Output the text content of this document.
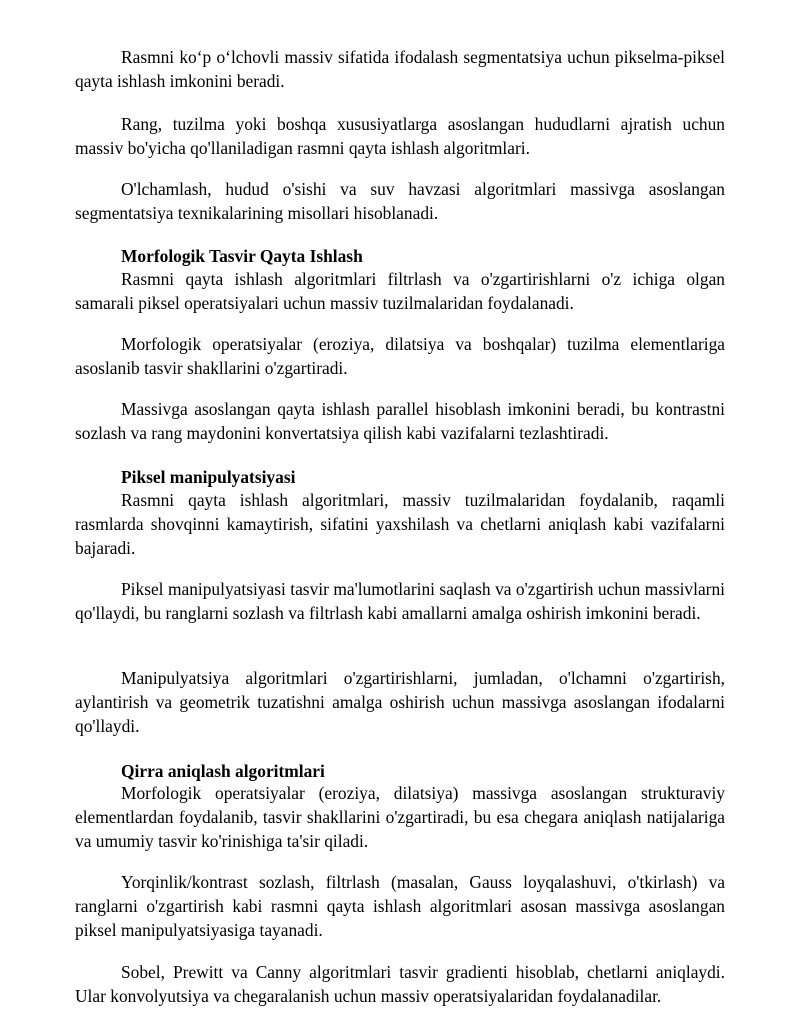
Rasmni koʻp oʻlchovli massiv sifatida ifodalash segmentatsiya uchun pikselma-piksel qayta ishlash imkonini beradi.

Rang, tuzilma yoki boshqa xususiyatlarga asoslangan hududlarni ajratish uchun massiv bo'yicha qo'llaniladigan rasmni qayta ishlash algoritmlari.

O'lchamlash, hudud o'sishi va suv havzasi algoritmlari massivga asoslangan segmentatsiya texnikalarining misollari hisoblanadi.

Morfologik Tasvir Qayta Ishlash

Rasmni qayta ishlash algoritmlari filtrlash va o'zgartirishlarni o'z ichiga olgan samarali piksel operatsiyalari uchun massiv tuzilmalaridan foydalanadi.

Morfologik operatsiyalar (eroziya, dilatsiya va boshqalar) tuzilma elementlariga asoslanib tasvir shakllarini o'zgartiradi.

Massivga asoslangan qayta ishlash parallel hisoblash imkonini beradi, bu kontrastni sozlash va rang maydonini konvertatsiya qilish kabi vazifalarni tezlashtiradi.

Piksel manipulyatsiyasi

Rasmni qayta ishlash algoritmlari, massiv tuzilmalaridan foydalanib, raqamli rasmlarda shovqinni kamaytirish, sifatini yaxshilash va chetlarni aniqlash kabi vazifalarni bajaradi.

Piksel manipulyatsiyasi tasvir ma'lumotlarini saqlash va o'zgartirish uchun massivlarni qo'llaydi, bu ranglarni sozlash va filtrlash kabi amallarni amalga oshirish imkonini beradi.

Manipulyatsiya algoritmlari o'zgartirishlarni, jumladan, o'lchamni o'zgartirish, aylantirish va geometrik tuzatishni amalga oshirish uchun massivga asoslangan ifodalarni qo'llaydi.

Qirra aniqlash algoritmlari

Morfologik operatsiyalar (eroziya, dilatsiya) massivga asoslangan strukturaviy elementlardan foydalanib, tasvir shakllarini o'zgartiradi, bu esa chegara aniqlash natijalariga va umumiy tasvir ko'rinishiga ta'sir qiladi.

Yorqinlik/kontrast sozlash, filtrlash (masalan, Gauss loyqalashuvi, o'tkirlash) va ranglarni o'zgartirish kabi rasmni qayta ishlash algoritmlari asosan massivga asoslangan piksel manipulyatsiyasiga tayanadi.

Sobel, Prewitt va Canny algoritmlari tasvir gradienti hisoblab, chetlarni aniqlaydi. Ular konvolyutsiya va chegaralanish uchun massiv operatsiyalaridan foydalanadilar.
